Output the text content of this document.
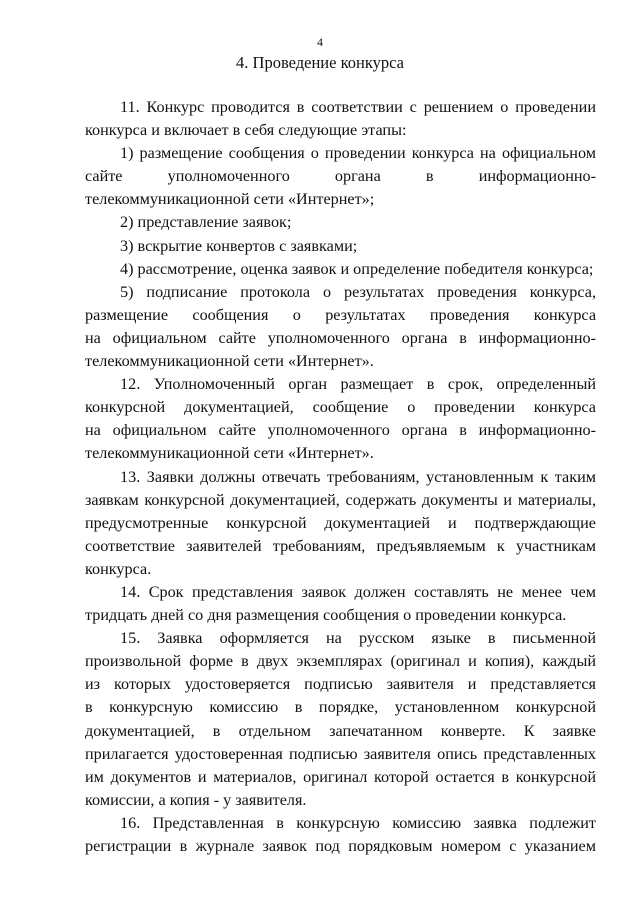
4
4. Проведение конкурса
11. Конкурс проводится в соответствии с решением о проведении
конкурса и включает в себя следующие этапы:
1) размещение сообщения о проведении конкурса на официальном
сайте уполномоченного органа в информационно-
телекоммуникационной сети «Интернет»;
2) представление заявок;
3) вскрытие конвертов с заявками;
4) рассмотрение, оценка заявок и определение победителя конкурса;
5) подписание протокола о результатах проведения конкурса,
размещение сообщения о результатах проведения конкурса
на официальном сайте уполномоченного органа в информационно-
телекоммуникационной сети «Интернет».
12. Уполномоченный орган размещает в срок, определенный
конкурсной документацией, сообщение о проведении конкурса
на официальном сайте уполномоченного органа в информационно-
телекоммуникационной сети «Интернет».
13. Заявки должны отвечать требованиям, установленным к таким
заявкам конкурсной документацией, содержать документы и материалы,
предусмотренные конкурсной документацией и подтверждающие
соответствие заявителей требованиям, предъявляемым к участникам
конкурса.
14. Срок представления заявок должен составлять не менее чем
тридцать дней со дня размещения сообщения о проведении конкурса.
15. Заявка оформляется на русском языке в письменной
произвольной форме в двух экземплярах (оригинал и копия), каждый
из которых удостоверяется подписью заявителя и представляется
в конкурсную комиссию в порядке, установленном конкурсной
документацией, в отдельном запечатанном конверте. К заявке
прилагается удостоверенная подписью заявителя опись представленных
им документов и материалов, оригинал которой остается в конкурсной
комиссии, а копия - у заявителя.
16. Представленная в конкурсную комиссию заявка подлежит
регистрации в журнале заявок под порядковым номером с указанием
